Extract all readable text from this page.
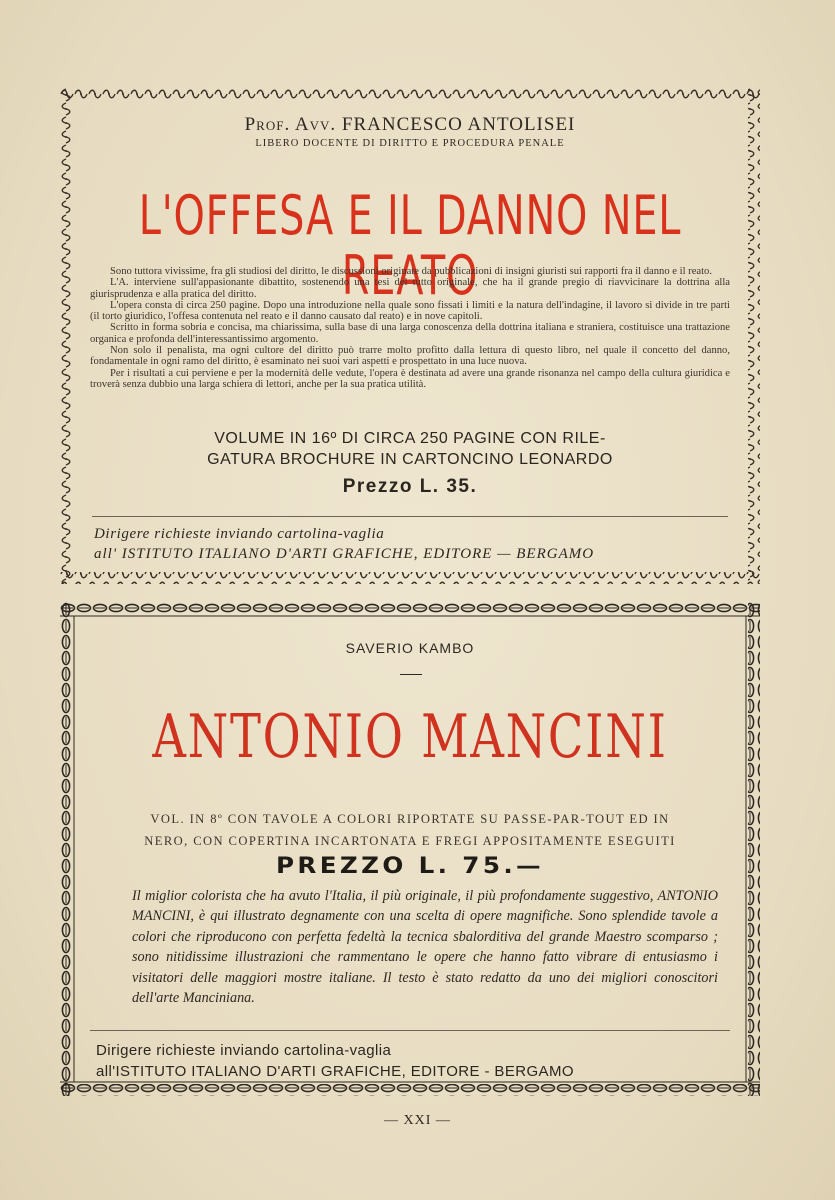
Prof. Avv. FRANCESCO ANTOLISEI
LIBERO DOCENTE DI DIRITTO E PROCEDURA PENALE
L'OFFESA E IL DANNO NEL REATO

Sono tuttora vivissime, fra gli studiosi del diritto, le discussioni originate da pubblicazioni di insigni giuristi sui rapporti fra il danno e il reato.

L'A. interviene sull'appasionante dibattito, sostenendo una tesi del tutto originale, che ha il grande pregio di riavvicinare la dottrina alla giurisprudenza e alla pratica del diritto.

L'opera consta di circa 250 pagine. Dopo una introduzione nella quale sono fissati i limiti e la natura dell'indagine, il lavoro si divide in tre parti (il torto giuridico, l'offesa contenuta nel reato e il danno causato dal reato) e in nove capitoli.

Scritto in forma sobria e concisa, ma chiarissima, sulla base di una larga conoscenza della dottrina italiana e straniera, costituisce una trattazione organica e profonda dell'interessantissimo argomento.

Non solo il penalista, ma ogni cultore del diritto può trarre molto profitto dalla lettura di questo libro, nel quale il concetto del danno, fondamentale in ogni ramo del diritto, è esaminato nei suoi vari aspetti e prospettato in una luce nuova.

Per i risultati a cui perviene e per la modernità delle vedute, l'opera è destinata ad avere una grande risonanza nel campo della cultura giuridica e troverà senza dubbio una larga schiera di lettori, anche per la sua pratica utilità.

VOLUME IN 16º DI CIRCA 250 PAGINE CON RILE-
GATURA BROCHURE IN CARTONCINO LEONARDO
Prezzo L. 35.
Dirigere richieste inviando cartolina-vaglia
all' ISTITUTO ITALIANO D'ARTI GRAFICHE, EDITORE — BERGAMO
SAVERIO KAMBO
ANTONIO MANCINI
VOL. IN 8º CON TAVOLE A COLORI RIPORTATE SU PASSE-PAR-TOUT ED IN
NERO, CON COPERTINA INCARTONATA E FREGI APPOSITAMENTE ESEGUITI
PREZZO L. 75.—
Il miglior colorista che ha avuto l'Italia, il più originale, il più profondamente suggestivo, ANTONIO MANCINI, è qui illustrato degnamente con una scelta di opere magnifiche. Sono splendide tavole a colori che riproducono con perfetta fedeltà la tecnica sbalorditiva del grande Maestro scomparso ; sono nitidissime illustrazioni che rammentano le opere che hanno fatto vibrare di entusiasmo i visitatori delle maggiori mostre italiane. Il testo è stato redatto da uno dei migliori conoscitori dell'arte Manciniana.
Dirigere richieste inviando cartolina-vaglia
all'ISTITUTO ITALIANO D'ARTI GRAFICHE, EDITORE - BERGAMO
— XXI —
